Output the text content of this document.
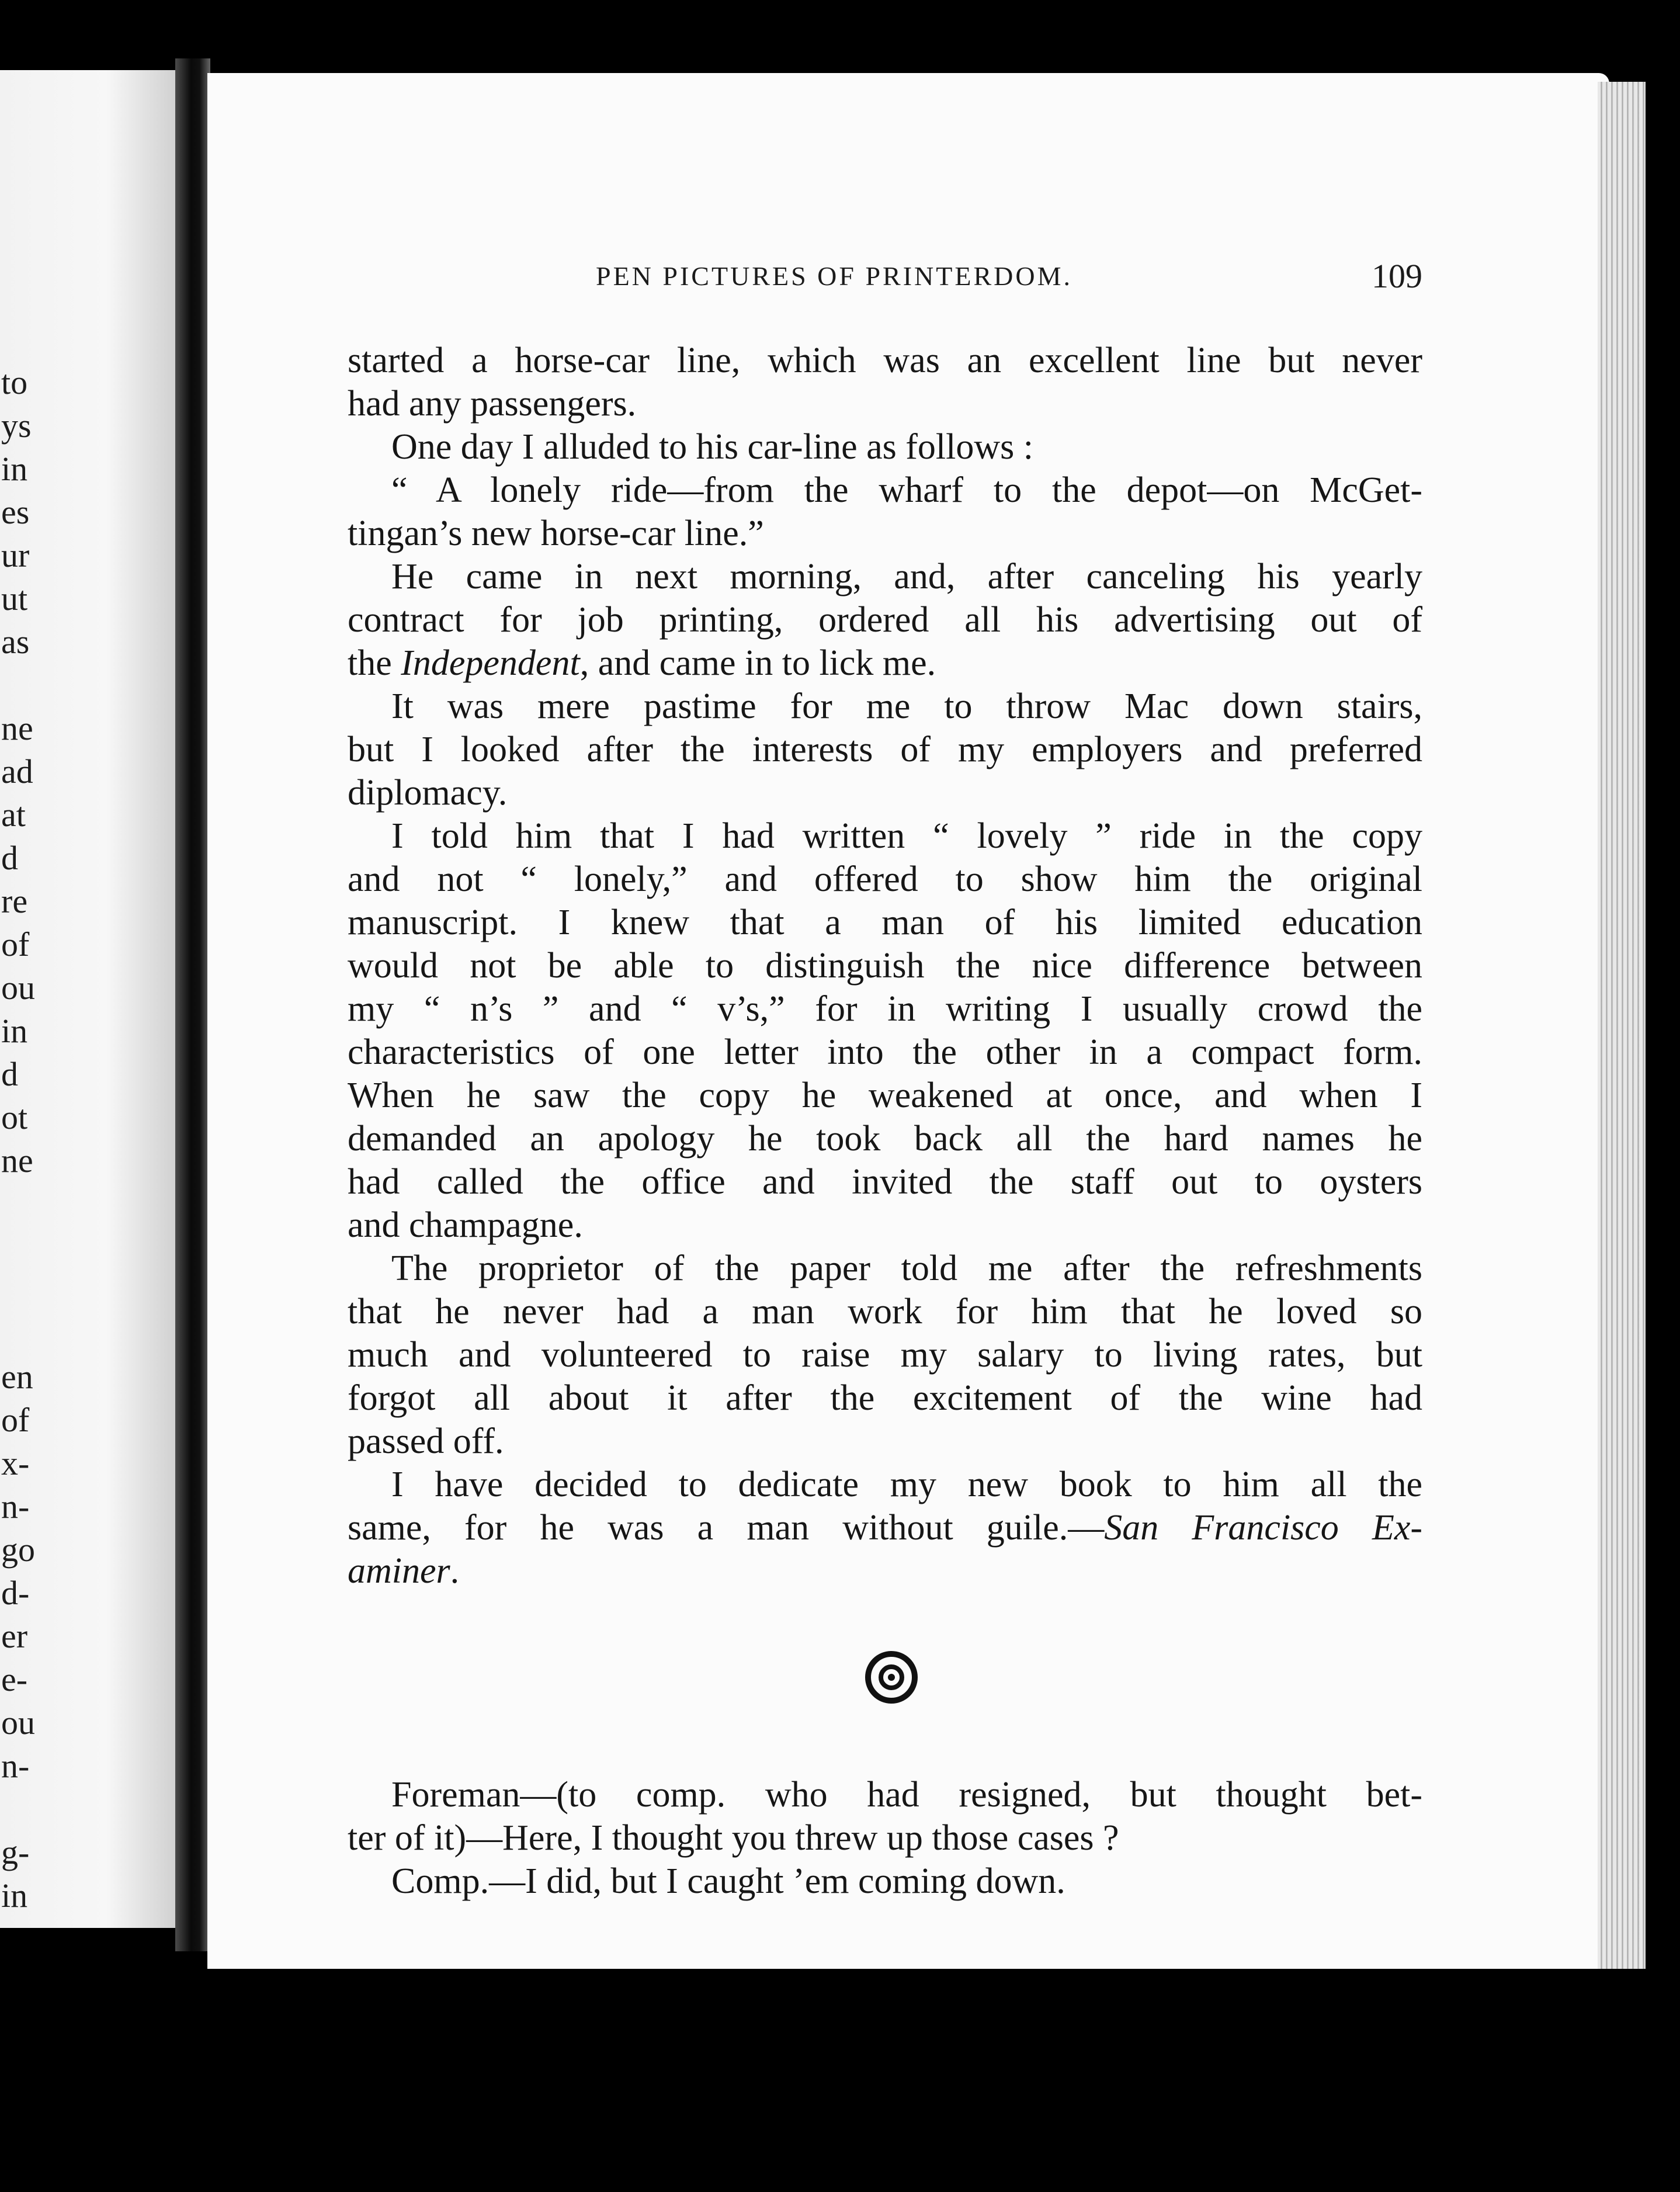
to
ys
in
es
ur
ut
as
ne
ad
at
d
re
of
ou
in
d
ot
ne
en
of
x-
n-
go
d-
er
e-
ou
n-
g-
in
PEN PICTURES OF PRINTERDOM.	109
started a horse-car line, which was an excellent line but never
had any passengers.
One day I alluded to his car-line as follows :
“ A lonely ride—from the wharf to the depot—on McGet-
tingan’s new horse-car line.”
He came in next morning, and, after canceling his yearly
contract for job printing, ordered all his advertising out of
the Independent, and came in to lick me.
It was mere pastime for me to throw Mac down stairs,
but I looked after the interests of my employers and preferred
diplomacy.
I told him that I had written “ lovely ” ride in the copy
and not “ lonely,” and offered to show him the original
manuscript. I knew that a man of his limited education
would not be able to distinguish the nice difference between
my “ n’s ” and “ v’s,” for in writing I usually crowd the
characteristics of one letter into the other in a compact form.
When he saw the copy he weakened at once, and when I
demanded an apology he took back all the hard names he
had called the office and invited the staff out to oysters
and champagne.
The proprietor of the paper told me after the refreshments
that he never had a man work for him that he loved so
much and volunteered to raise my salary to living rates, but
forgot all about it after the excitement of the wine had
passed off.
I have decided to dedicate my new book to him all the
same, for he was a man without guile.—San Francisco Ex-
aminer.
Foreman—(to comp. who had resigned, but thought bet-
ter of it)—Here, I thought you threw up those cases ?
Comp.—I did, but I caught ’em coming down.
